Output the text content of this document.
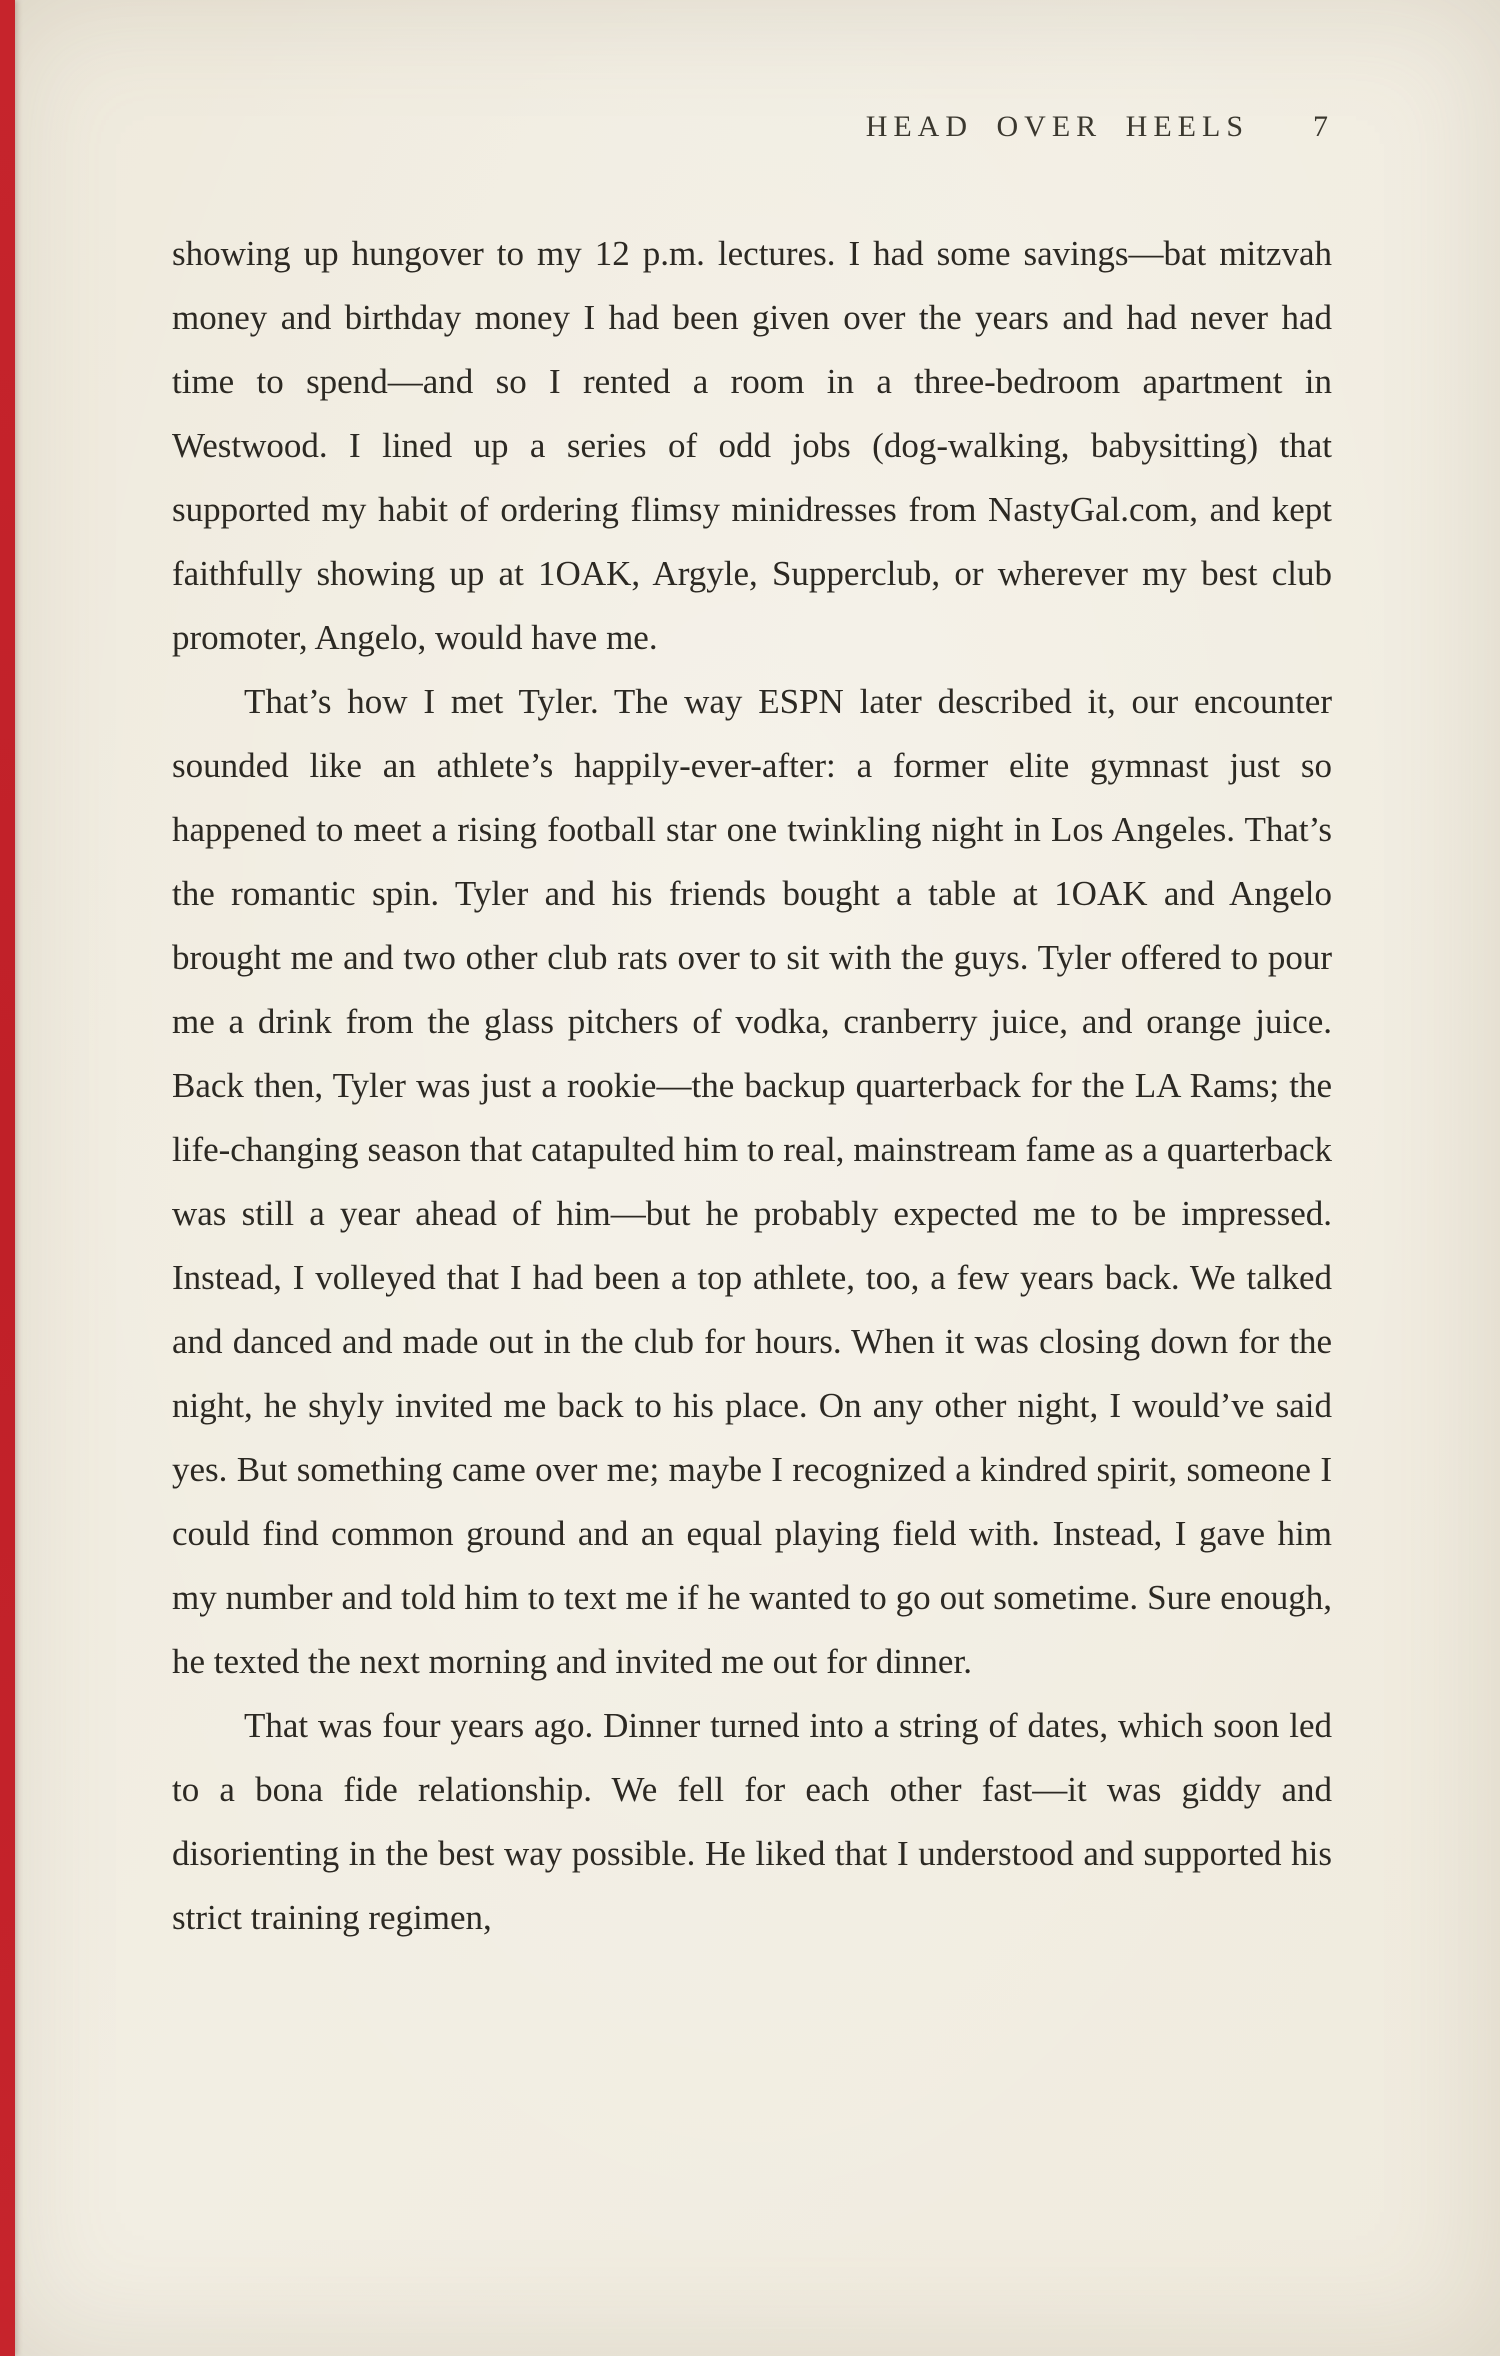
HEAD OVER HEELS 7

showing up hungover to my 12 p.m. lectures. I had some savings—bat mitzvah money and birthday money I had been given over the years and had never had time to spend—and so I rented a room in a three-bedroom apartment in Westwood. I lined up a series of odd jobs (dog-walking, babysitting) that supported my habit of ordering flimsy minidresses from NastyGal.com, and kept faithfully showing up at 1OAK, Argyle, Supperclub, or wherever my best club promoter, Angelo, would have me.

That’s how I met Tyler. The way ESPN later described it, our encounter sounded like an athlete’s happily-ever-after: a former elite gymnast just so happened to meet a rising football star one twinkling night in Los Angeles. That’s the romantic spin. Tyler and his friends bought a table at 1OAK and Angelo brought me and two other club rats over to sit with the guys. Tyler offered to pour me a drink from the glass pitchers of vodka, cranberry juice, and orange juice. Back then, Tyler was just a rookie—the backup quarterback for the LA Rams; the life-changing season that catapulted him to real, mainstream fame as a quarterback was still a year ahead of him—but he probably expected me to be impressed. Instead, I volleyed that I had been a top athlete, too, a few years back. We talked and danced and made out in the club for hours. When it was closing down for the night, he shyly invited me back to his place. On any other night, I would’ve said yes. But something came over me; maybe I recognized a kindred spirit, someone I could find common ground and an equal playing field with. Instead, I gave him my number and told him to text me if he wanted to go out sometime. Sure enough, he texted the next morning and invited me out for dinner.

That was four years ago. Dinner turned into a string of dates, which soon led to a bona fide relationship. We fell for each other fast—it was giddy and disorienting in the best way possible. He liked that I understood and supported his strict training regimen,
